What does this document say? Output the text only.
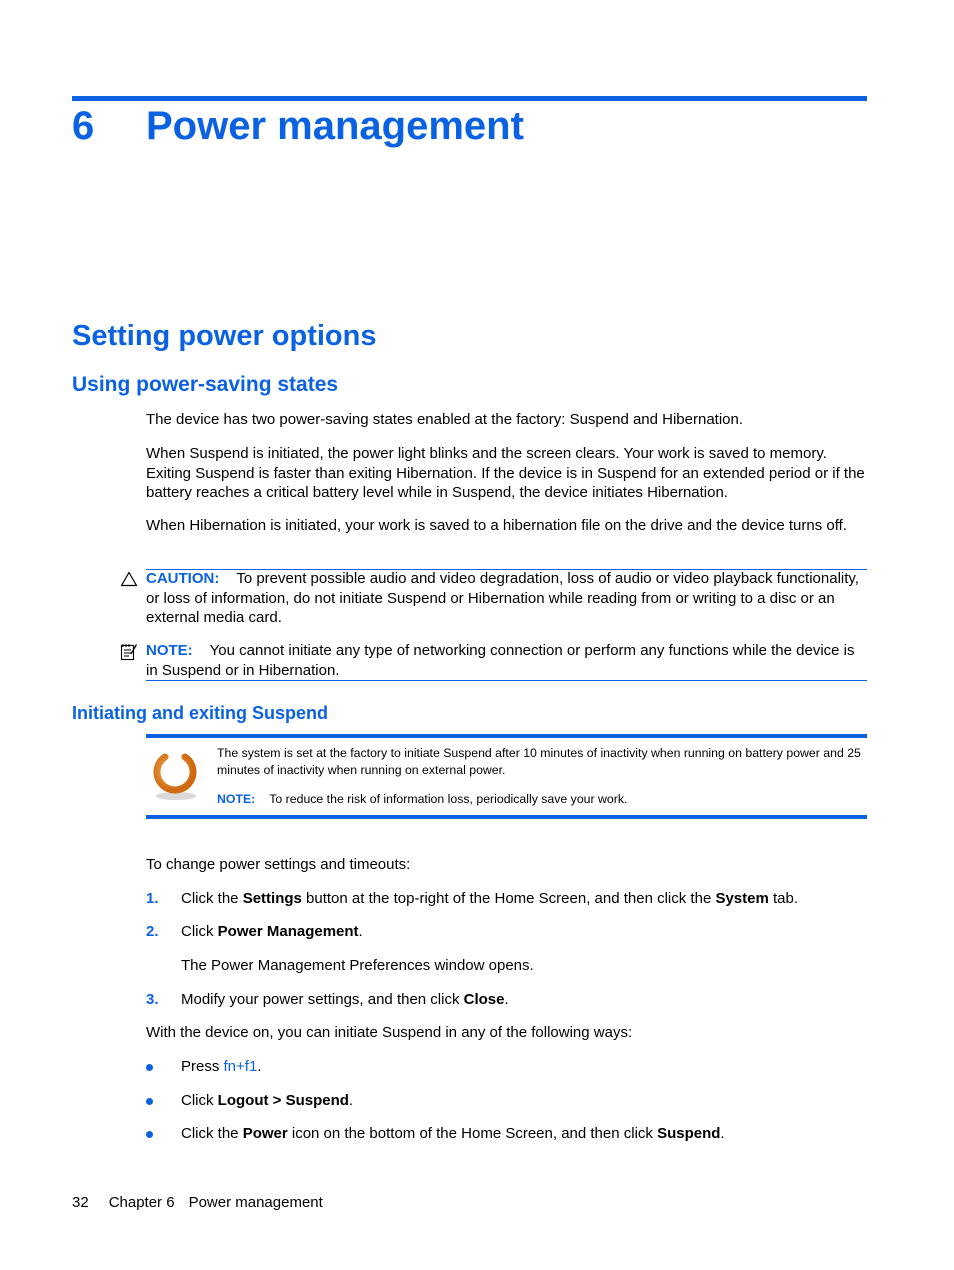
6 Power management
Setting power options
Using power-saving states

The device has two power-saving states enabled at the factory: Suspend and Hibernation.

When Suspend is initiated, the power light blinks and the screen clears. Your work is saved to memory. Exiting Suspend is faster than exiting Hibernation. If the device is in Suspend for an extended period or if the battery reaches a critical battery level while in Suspend, the device initiates Hibernation.

When Hibernation is initiated, your work is saved to a hibernation file on the drive and the device turns off.

CAUTION: To prevent possible audio and video degradation, loss of audio or video playback functionality, or loss of information, do not initiate Suspend or Hibernation while reading from or writing to a disc or an external media card.

NOTE: You cannot initiate any type of networking connection or perform any functions while the device is in Suspend or in Hibernation.

Initiating and exiting Suspend
The system is set at the factory to initiate Suspend after 10 minutes of inactivity when running on battery power and 25 minutes of inactivity when running on external power.
NOTE: To reduce the risk of information loss, periodically save your work.

To change power settings and timeouts:

1. Click the Settings button at the top-right of the Home Screen, and then click the System tab.
2. Click Power Management.
The Power Management Preferences window opens.
3. Modify your power settings, and then click Close.

With the device on, you can initiate Suspend in any of the following ways:

Press fn+f1.
Click Logout > Suspend.
Click the Power icon on the bottom of the Home Screen, and then click Suspend.
32 Chapter 6 Power management
